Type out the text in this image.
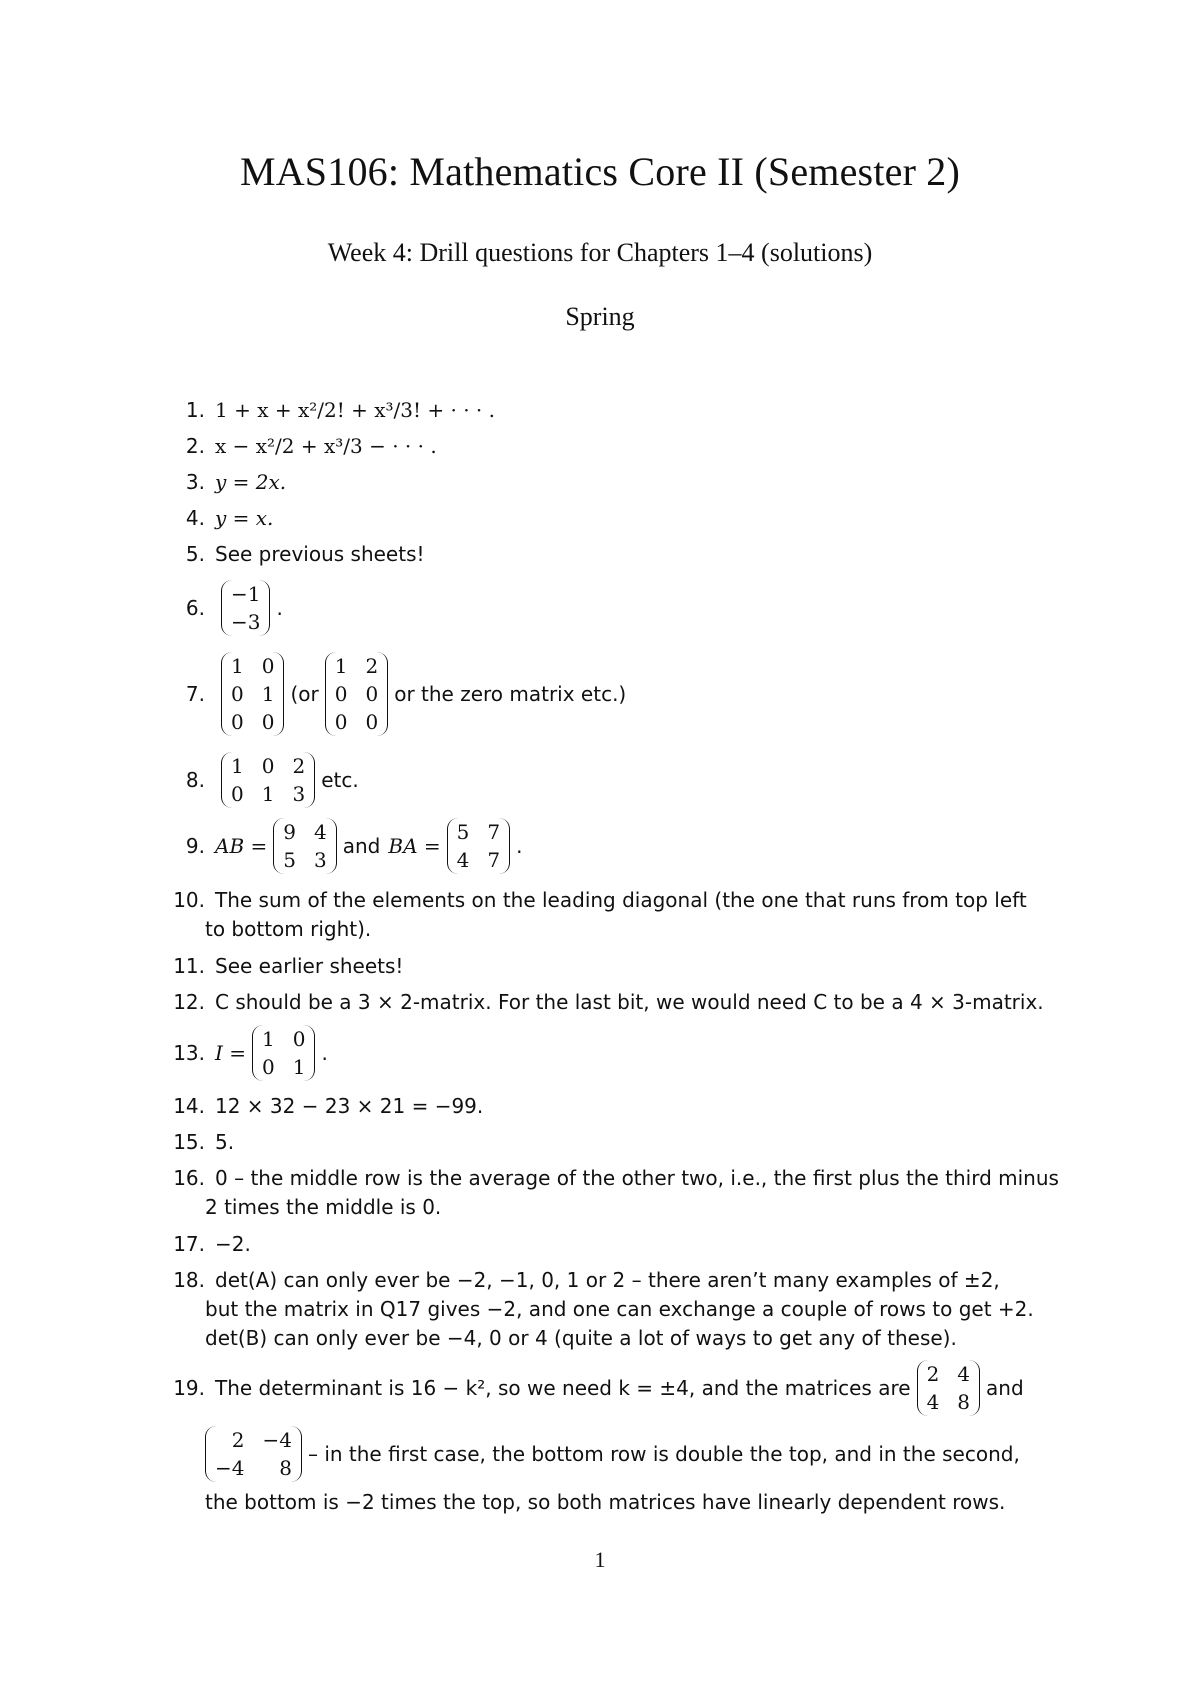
MAS106: Mathematics Core II (Semester 2)
Week 4: Drill questions for Chapters 1–4 (solutions)
Spring
1. 1 + x + x²/2! + x³/3! + · · · .
2. x − x²/2 + x³/3 − · · · .
3. y = 2x.
4. y = x.
5. See previous sheets!
6.
−1
−3
.
7.
1 0
0 1
0 0
(or
1 2
0 0
0 0
or the zero matrix etc.)
8.
1 0 2
0 1 3
etc.
9. AB =
9 4
5 3
and BA =
5 7
4 7
.
10. The sum of the elements on the leading diagonal (the one that runs from top left
to bottom right).
11. See earlier sheets!
12. C should be a 3 × 2-matrix. For the last bit, we would need C to be a 4 × 3-matrix.
13. I =
1 0
0 1
.
14. 12 × 32 − 23 × 21 = −99.
15. 5.
16. 0 – the middle row is the average of the other two, i.e., the first plus the third minus
2 times the middle is 0.
17. −2.
18. det(A) can only ever be −2, −1, 0, 1 or 2 – there aren’t many examples of ±2,
but the matrix in Q17 gives −2, and one can exchange a couple of rows to get +2.
det(B) can only ever be −4, 0 or 4 (quite a lot of ways to get any of these).
19. The determinant is 16 − k², so we need k = ±4, and the matrices are
2 4
4 8
and
2 −4
−4	8
– in the first case, the bottom row is double the top, and in the second,
the bottom is −2 times the top, so both matrices have linearly dependent rows.
1
